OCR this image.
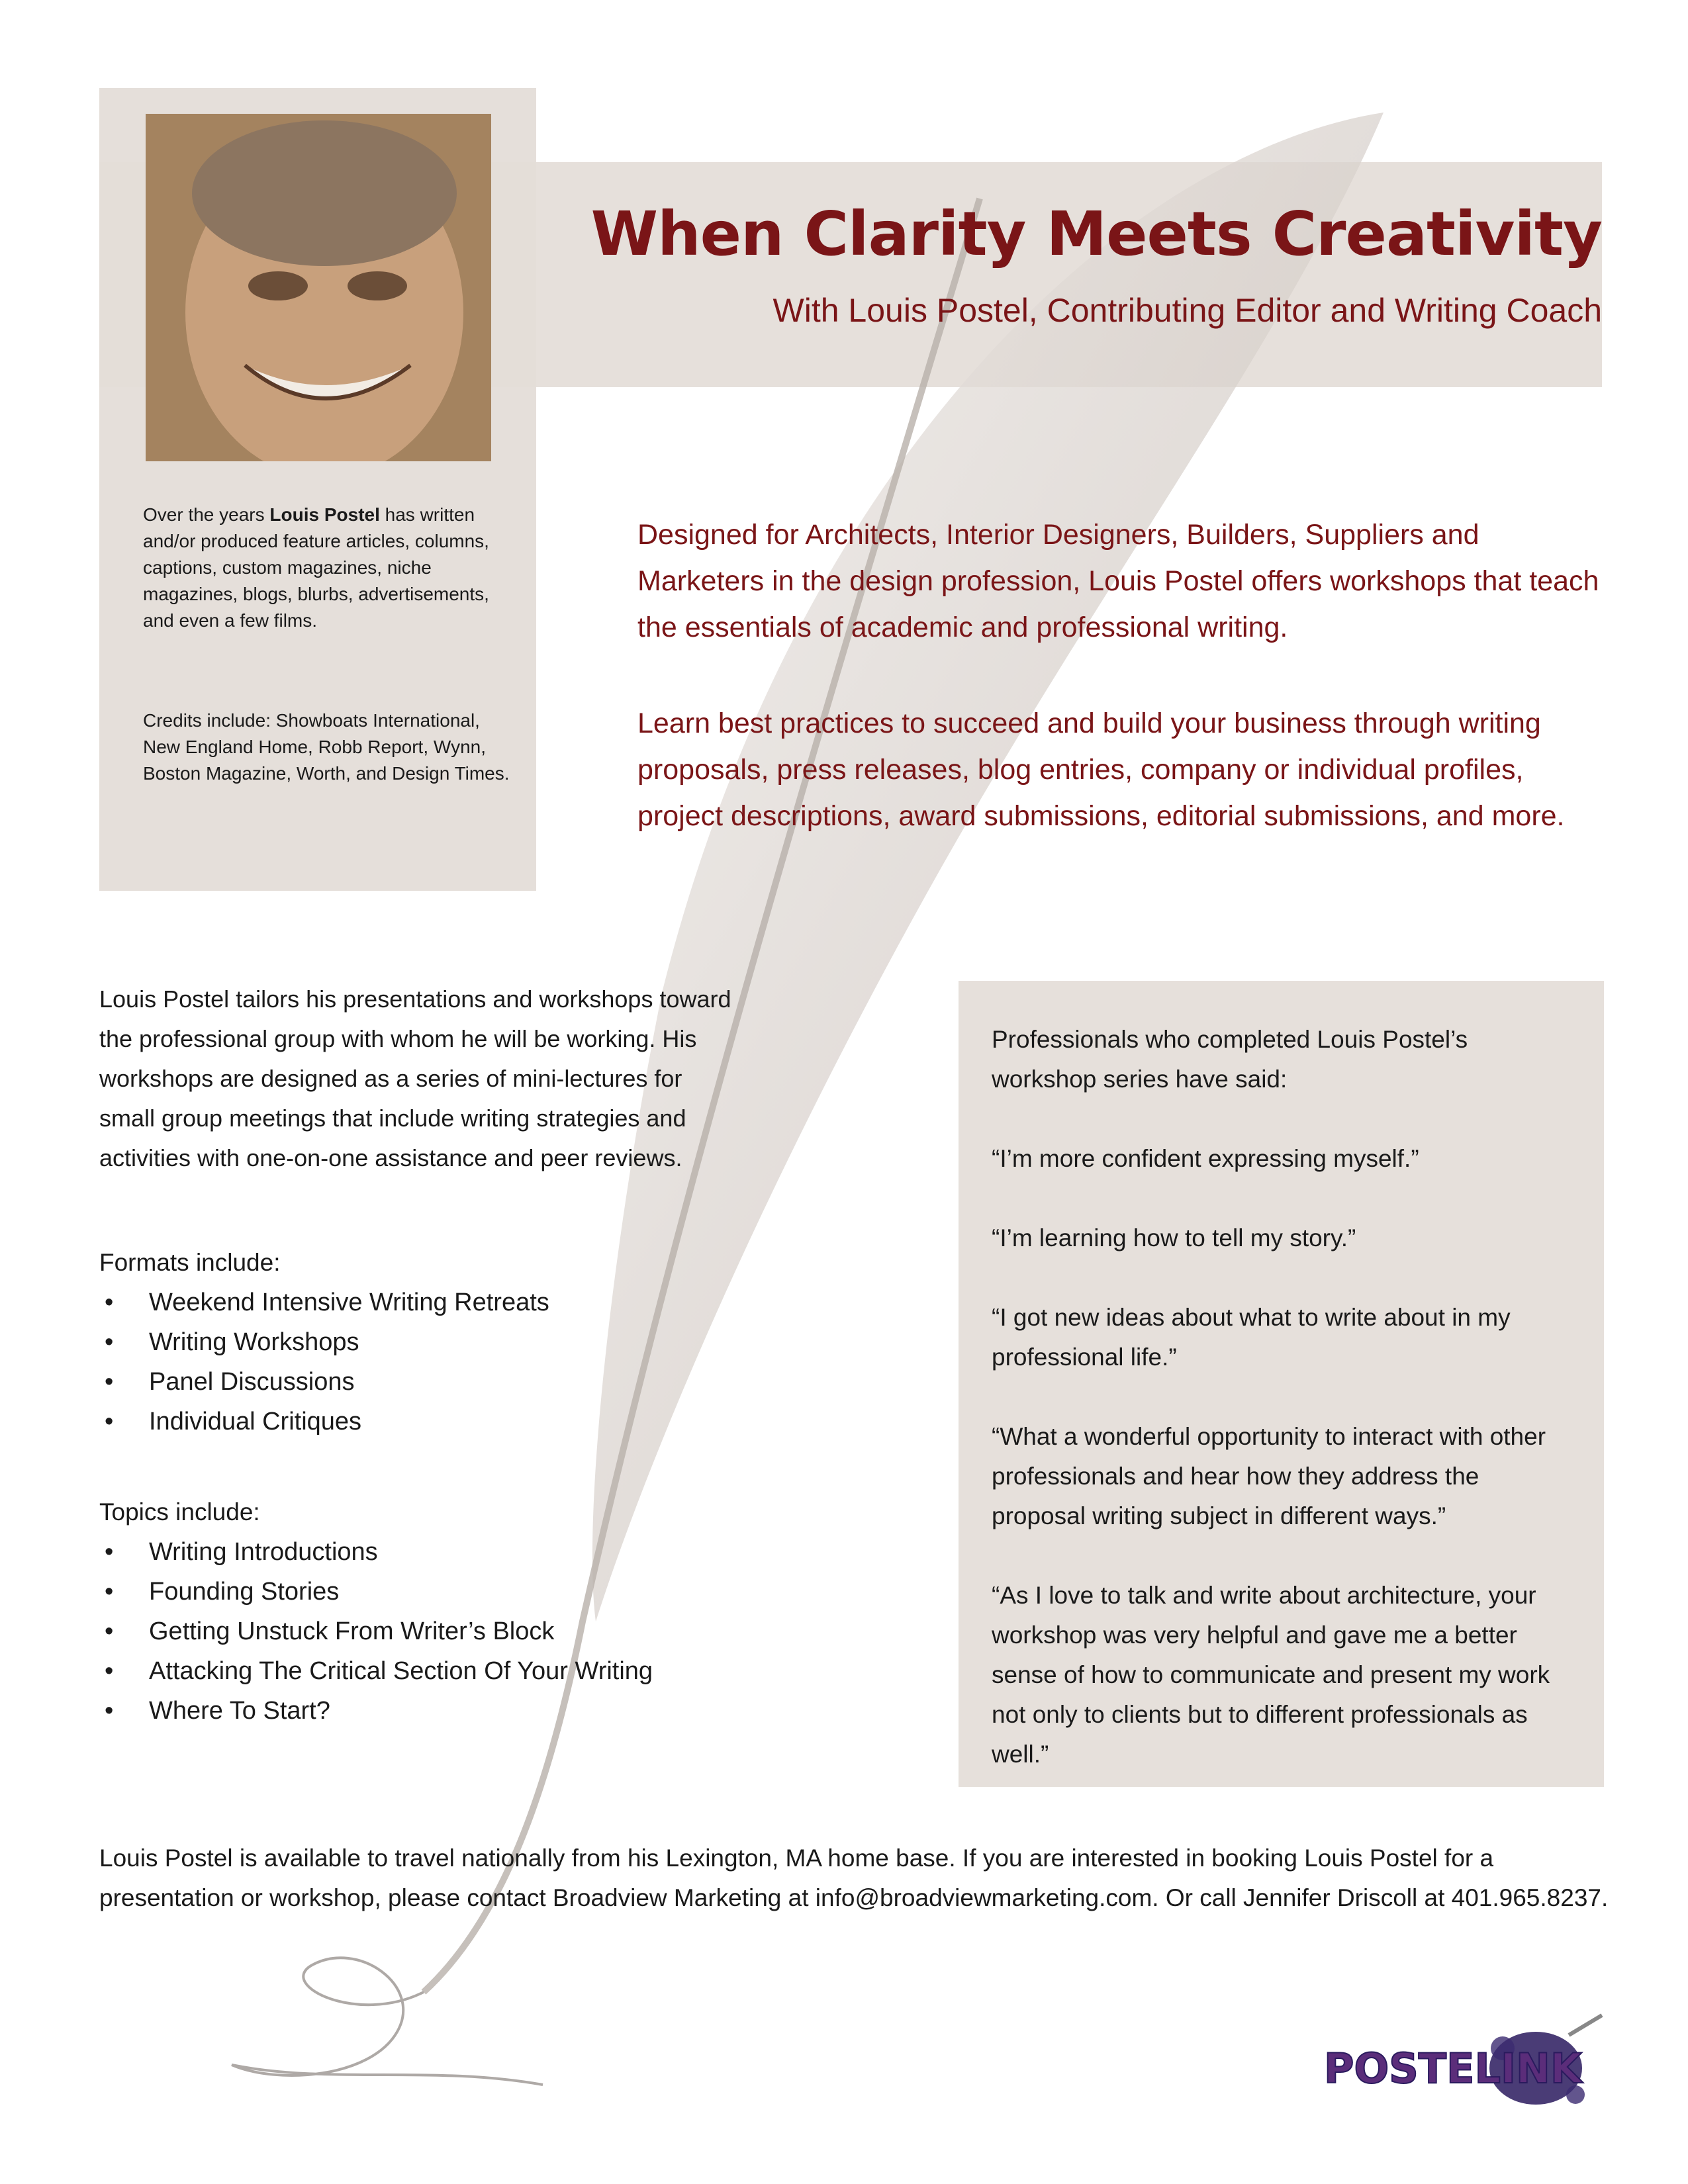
Over the years Louis Postel has written and/or produced feature articles, columns, captions, custom magazines, niche magazines, blogs, blurbs, advertisements, and even a few films.
Credits include: Showboats International, New England Home, Robb Report, Wynn, Boston Magazine, Worth, and Design Times.
When Clarity Meets Creativity
With Louis Postel, Contributing Editor and Writing Coach
Designed for Architects, Interior Designers, Builders, Suppliers and Marketers in the design profession, Louis Postel offers workshops that teach the essentials of academic and professional writing.
Learn best practices to succeed and build your business through writing proposals, press releases, blog entries, company or individual profiles, project descriptions, award submissions, editorial submissions, and more.
Louis Postel tailors his presentations and workshops toward the professional group with whom he will be working. His workshops are designed as a series of mini-lectures for small group meetings that include writing strategies and activities with one-on-one assistance and peer reviews.
Formats include:
• Weekend Intensive Writing Retreats
• Writing Workshops
• Panel Discussions
• Individual Critiques
Topics include:
• Writing Introductions
• Founding Stories
• Getting Unstuck From Writer’s Block
• Attacking The Critical Section Of Your Writing
• Where To Start?

Professionals who completed Louis Postel’s workshop series have said:

“I’m more confident expressing myself.”

“I’m learning how to tell my story.”

“I got new ideas about what to write about in my professional life.”

“What a wonderful opportunity to interact with other professionals and hear how they address the proposal writing subject in different ways.”

“As I love to talk and write about architecture, your workshop was very helpful and gave me a better sense of how to communicate and present my work not only to clients but to different professionals as well.”

Louis Postel is available to travel nationally from his Lexington, MA home base. If you are interested in booking Louis Postel for a presentation or workshop, please contact Broadview Marketing at info@broadviewmarketing.com. Or call Jennifer Driscoll at 401.965.8237.
POSTELINK
